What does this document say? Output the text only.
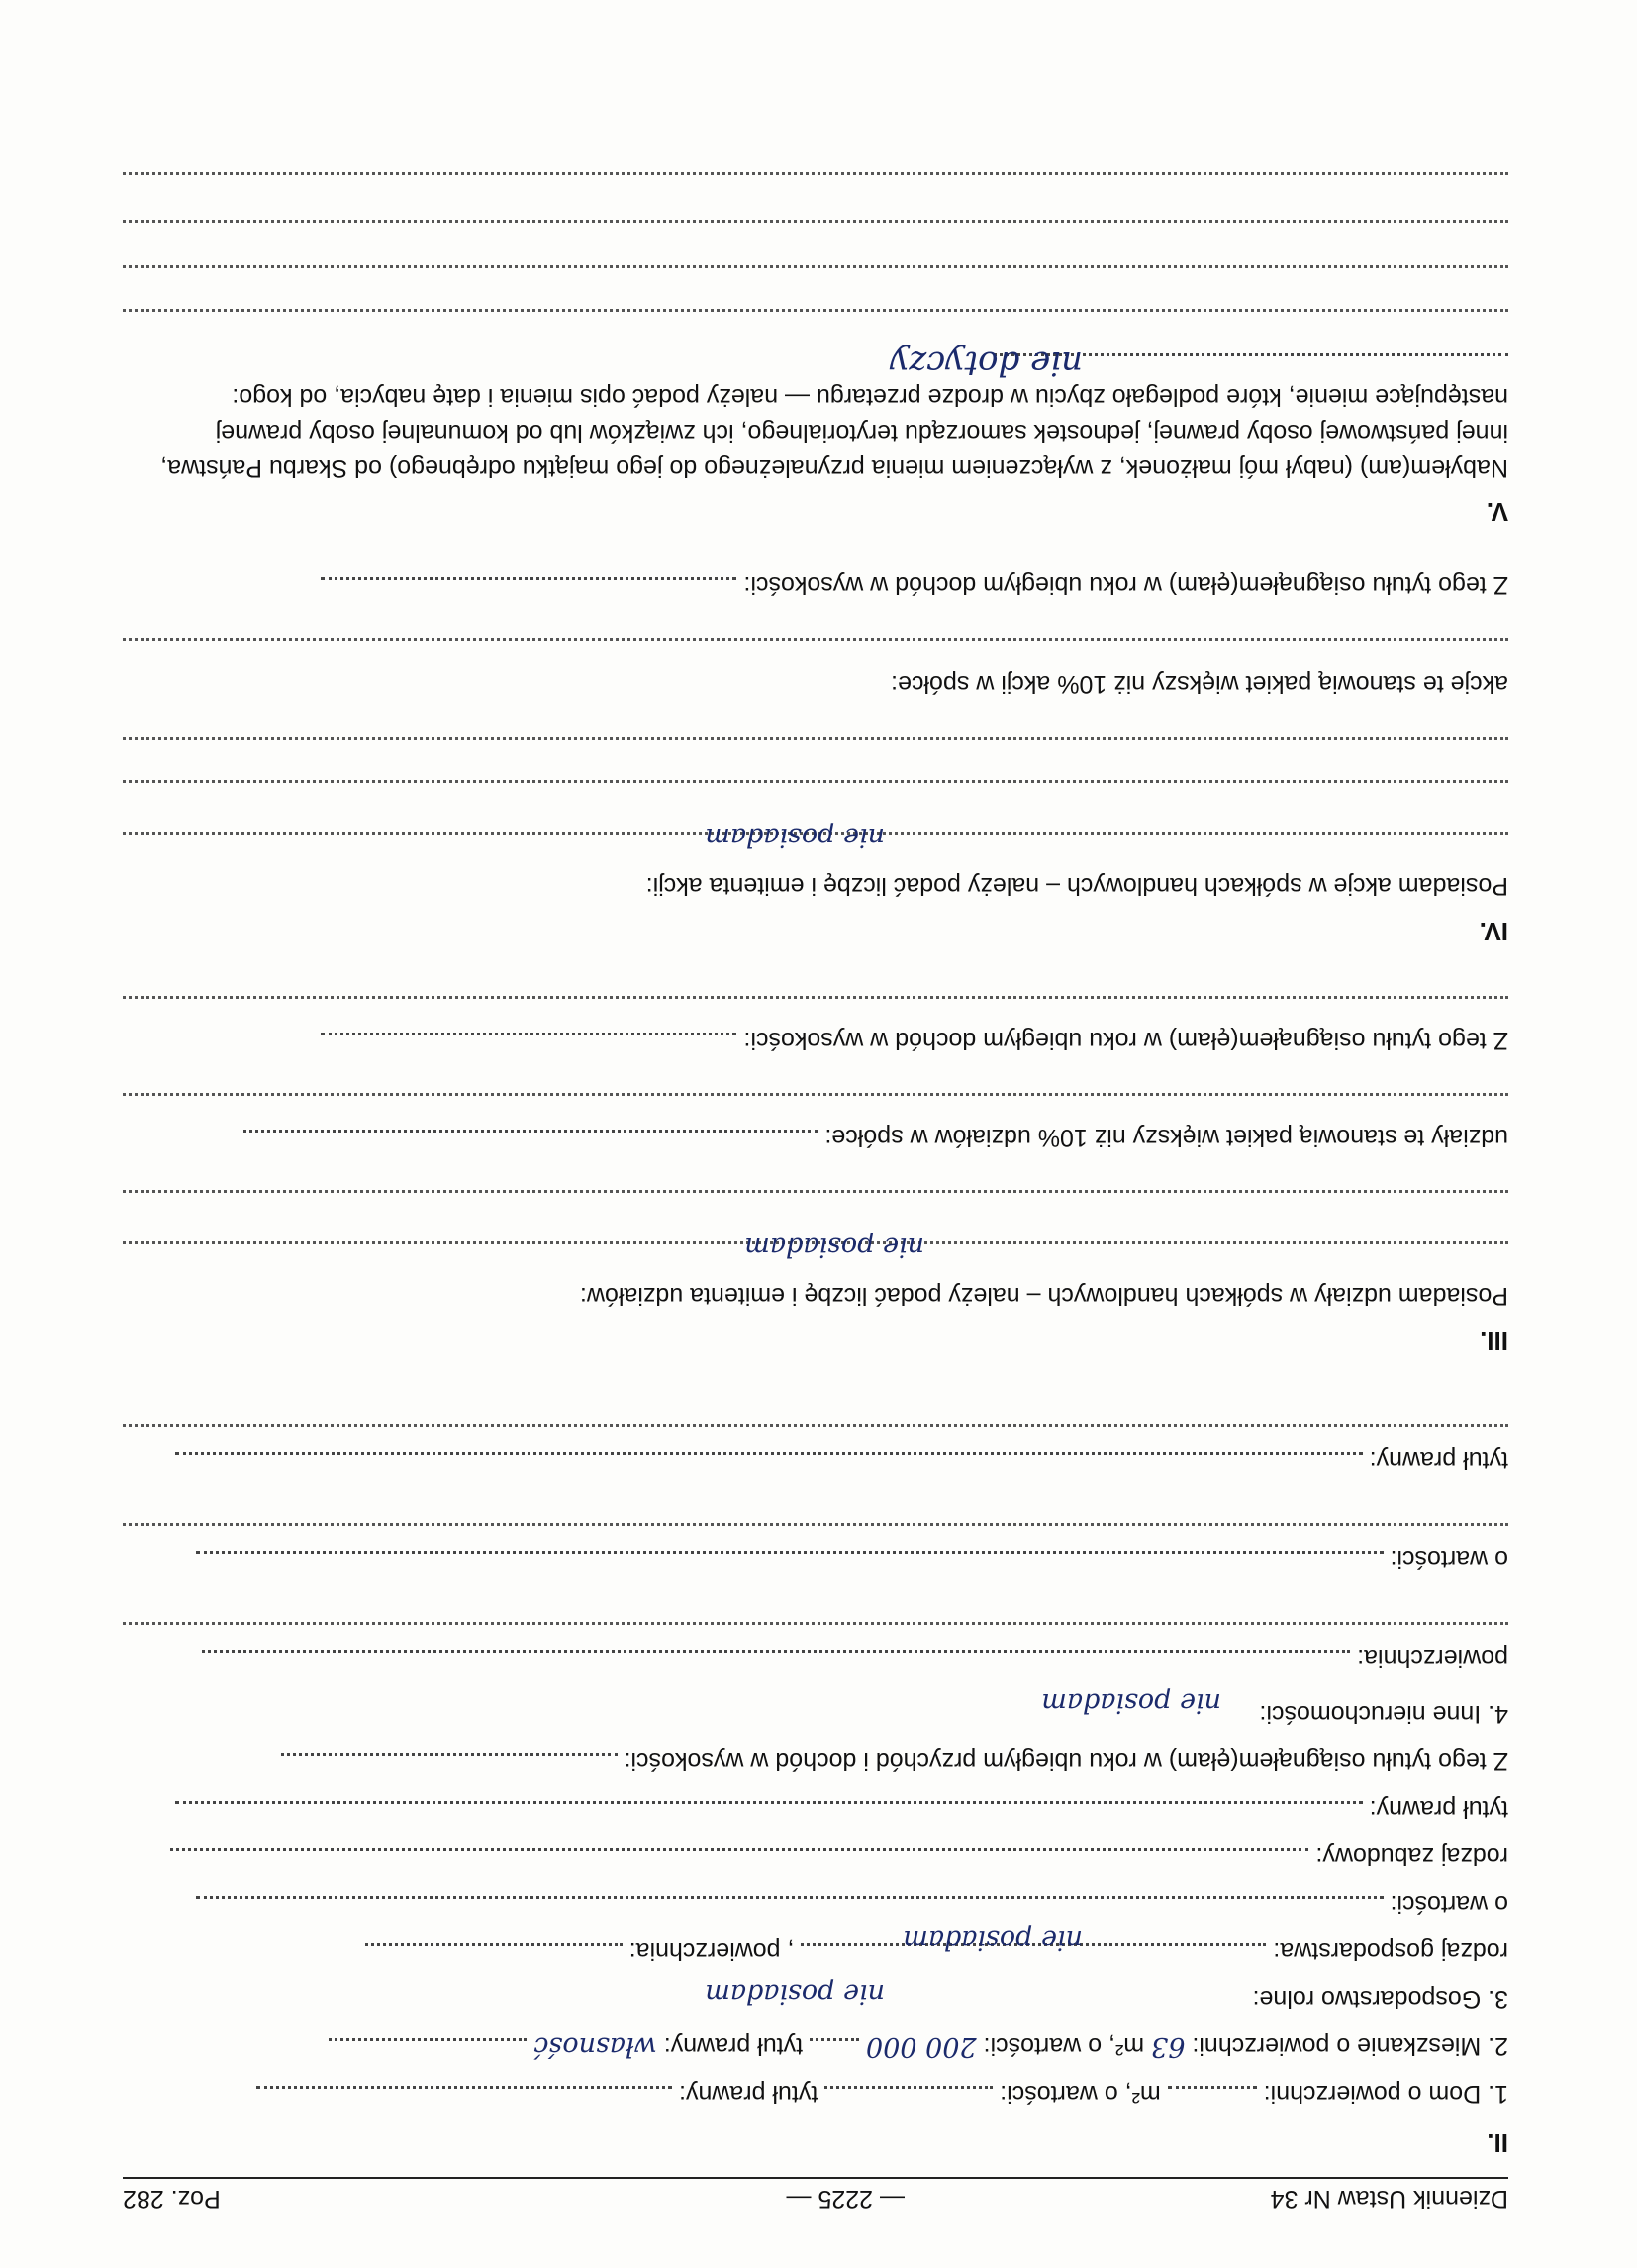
Dziennik Ustaw Nr 34
— 2225 —
Poz. 282
II.
1. Dom o powierzchni:  m², o wartości:  tytuł prawny:
2. Mieszkanie o powierzchni: 63 m², o wartości: 200 000  tytuł prawny: własność
3. Gospodarstwo rolne:
rodzaj gospodarstwa:  , powierzchnia:
nie posiadam
o wartości:
nie posiadam
rodzaj zabudowy:
tytuł prawny:
Z tego tytułu osiągnąłem(ęłam) w roku ubiegłym przychód i dochód w wysokości:
4. Inne nieruchomości:
powierzchnia:
nie posiadam
o wartości:
tytuł prawny:
III.
Posiadam udziały w spółkach handlowych – należy podać liczbę i emitenta udziałów:
nie posiadam
udziały te stanowią pakiet większy niż 10% udziałów w spółce:
Z tego tytułu osiągnąłem(ęłam) w roku ubiegłym dochód w wysokości:
IV.
Posiadam akcje w spółkach handlowych – należy podać liczbę i emitenta akcji:
nie posiadam
akcje te stanowią pakiet większy niż 10% akcji w spółce:
Z tego tytułu osiągnąłem(ęłam) w roku ubiegłym dochód w wysokości:
V.
Nabyłem(am) (nabył mój małżonek, z wyłączeniem mienia przynależnego do jego majątku odrębnego) od Skarbu Państwa, innej państwowej osoby prawnej, jednostek samorządu terytorialnego, ich związków lub od komunalnej osoby prawnej następujące mienie, które podlegało zbyciu w drodze przetargu — należy podać opis mienia i datę nabycia, od kogo:
nie dotyczy
